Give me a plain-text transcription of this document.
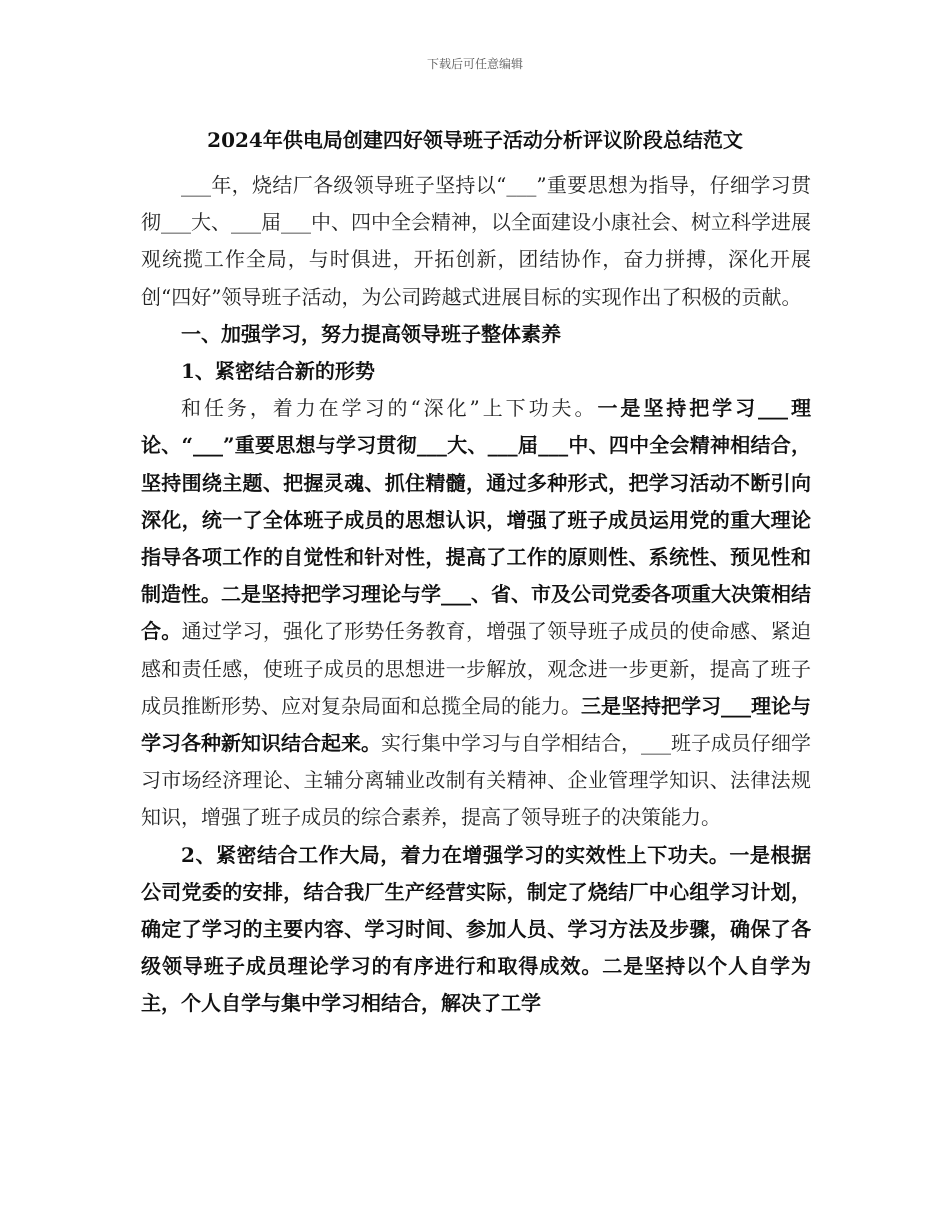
下载后可任意编辑
2024年供电局创建四好领导班子活动分析评议阶段总结范文

___年，烧结厂各级领导班子坚持以“___”重要思想为指导，仔细学习贯彻___大、___届___中、四中全会精神，以全面建设小康社会、树立科学进展观统揽工作全局，与时俱进，开拓创新，团结协作，奋力拼搏，深化开展创“四好”领导班子活动，为公司跨越式进展目标的实现作出了积极的贡献。

一、加强学习，努力提高领导班子整体素养

1、紧密结合新的形势

和任务，着力在学习的“深化”上下功夫。一是坚持把学习___理论、“___”重要思想与学习贯彻___大、___届___中、四中全会精神相结合，坚持围绕主题、把握灵魂、抓住精髓，通过多种形式，把学习活动不断引向深化，统一了全体班子成员的思想认识，增强了班子成员运用党的重大理论指导各项工作的自觉性和针对性，提高了工作的原则性、系统性、预见性和制造性。二是坚持把学习理论与学___、省、市及公司党委各项重大决策相结合。通过学习，强化了形势任务教育，增强了领导班子成员的使命感、紧迫感和责任感，使班子成员的思想进一步解放，观念进一步更新，提高了班子成员推断形势、应对复杂局面和总揽全局的能力。三是坚持把学习___理论与学习各种新知识结合起来。实行集中学习与自学相结合，___班子成员仔细学习市场经济理论、主辅分离辅业改制有关精神、企业管理学知识、法律法规知识，增强了班子成员的综合素养，提高了领导班子的决策能力。

2、紧密结合工作大局，着力在增强学习的实效性上下功夫。一是根据公司党委的安排，结合我厂生产经营实际，制定了烧结厂中心组学习计划，确定了学习的主要内容、学习时间、参加人员、学习方法及步骤，确保了各级领导班子成员理论学习的有序进行和取得成效。二是坚持以个人自学为主，个人自学与集中学习相结合，解决了工学
